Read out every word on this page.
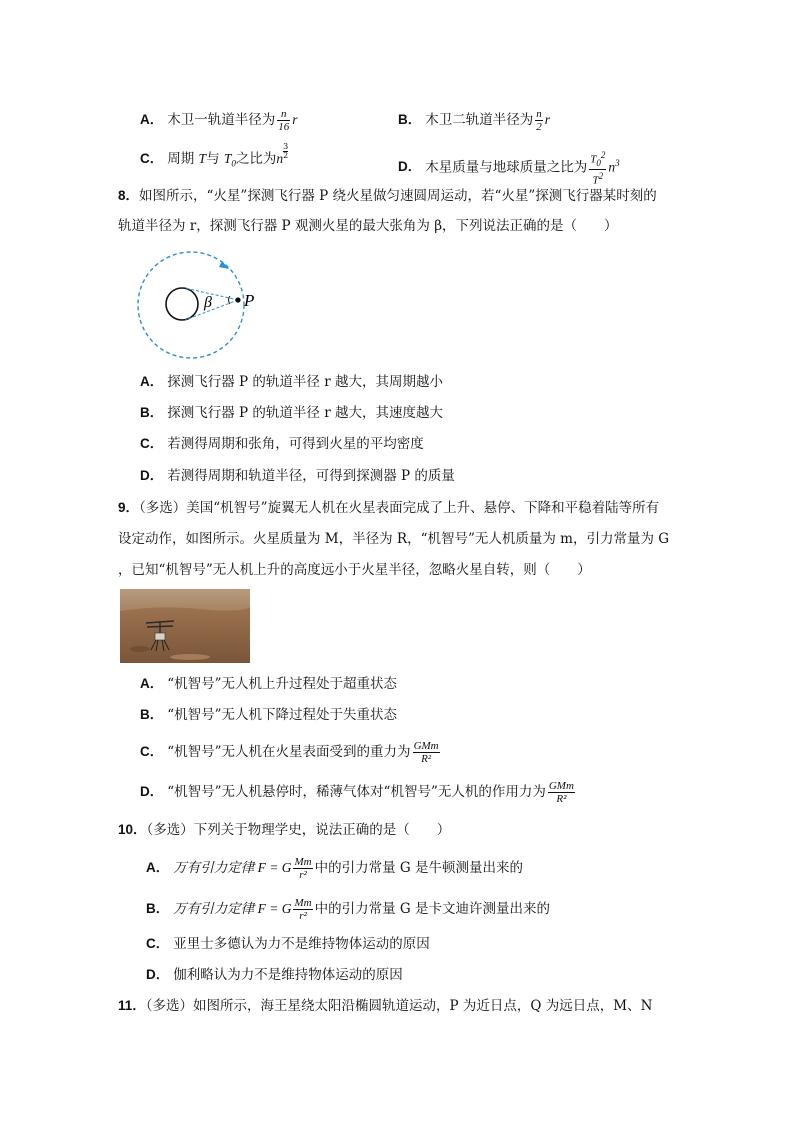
A． 木卫一轨道半径为 $\frac{n}{16}$ r	B． 木卫二轨道半径为 $\frac{n}{2}$ r
C． 周期 T与 $T_0$之比为n $\frac{3}{2}$
D． 木星质量与地球质量之比为 $\frac{T_0^2}{T^2} n^3$
8．如图所示，“火星”探测飞行器 P 绕火星做匀速圆周运动，若“火星”探测飞行器某时刻的
轨道半径为 r，探测飞行器 P 观测火星的最大张角为 β，下列说法正确的是（　　）
β P
A． 探测飞行器 P 的轨道半径 r 越大，其周期越小
B． 探测飞行器 P 的轨道半径 r 越大，其速度越大
C． 若测得周期和张角，可得到火星的平均密度
D． 若测得周期和轨道半径，可得到探测器 P 的质量
9．（多选）美国“机智号”旋翼无人机在火星表面完成了上升、悬停、下降和平稳着陆等所有
设定动作，如图所示。火星质量为 M，半径为 R，“机智号”无人机质量为 m，引力常量为 G
，已知“机智号”无人机上升的高度远小于火星半径，忽略火星自转，则（　　）
A． “机智号”无人机上升过程处于超重状态
B． “机智号”无人机下降过程处于失重状态
C． “机智号”无人机在火星表面受到的重力为 $\frac{\text{GMm}}{\text{R²}}$
D． “机智号”无人机悬停时，稀薄气体对“机智号”无人机的作用力为 $\frac{\text{GMm}}{\text{R²}}$
10．（多选）下列关于物理学史，说法正确的是（　　）
A． 万有引力定律 F = G $\frac{Mm}{\text{r²}}$ 中的引力常量 G 是牛顿测量出来的
B． 万有引力定律 F = G $\frac{Mm}{\text{r²}}$ 中的引力常量 G 是卡文迪许测量出来的
C． 亚里士多德认为力不是维持物体运动的原因
D． 伽利略认为力不是维持物体运动的原因
11．（多选）如图所示，海王星绕太阳沿椭圆轨道运动，P 为近日点，Q 为远日点，M、N
